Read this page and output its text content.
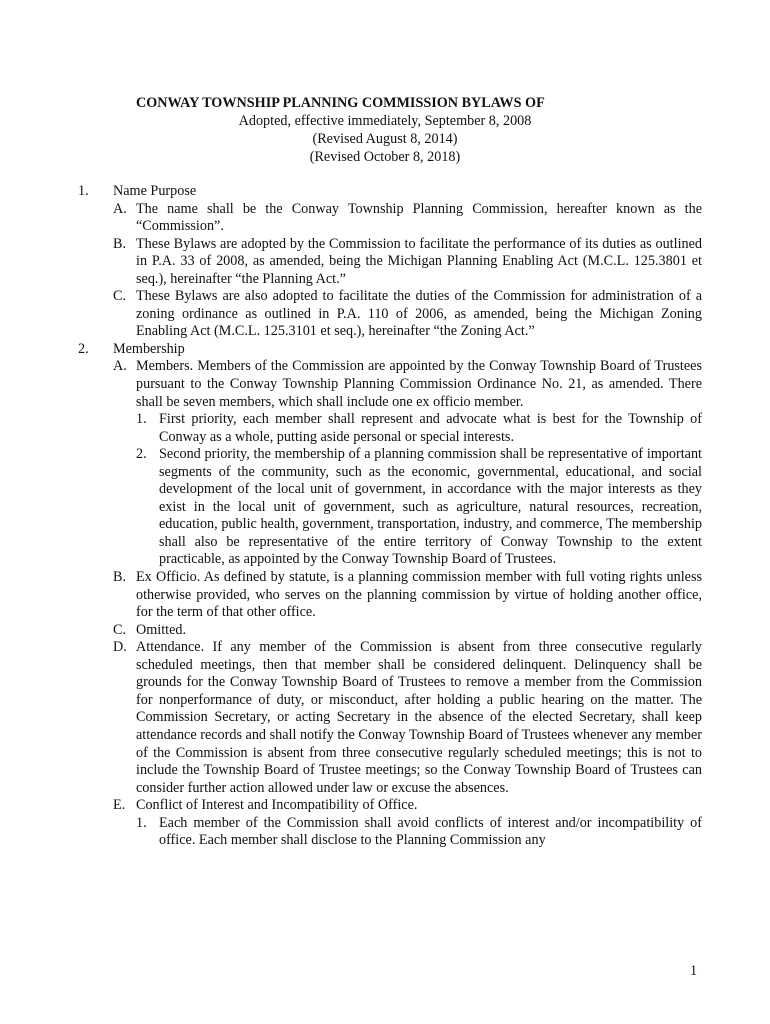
CONWAY TOWNSHIP PLANNING COMMISSION BYLAWS OF
Adopted, effective immediately, September 8, 2008
(Revised August 8, 2014)
(Revised October 8, 2018)
1.	Name Purpose
A. The name shall be the Conway Township Planning Commission, hereafter known as the “Commission”.
B. These Bylaws are adopted by the Commission to facilitate the performance of its duties as outlined in P.A. 33 of 2008, as amended, being the Michigan Planning Enabling Act (M.C.L. 125.3801 et seq.), hereinafter “the Planning Act.”
C. These Bylaws are also adopted to facilitate the duties of the Commission for administration of a zoning ordinance as outlined in P.A. 110 of 2006, as amended, being the Michigan Zoning Enabling Act (M.C.L. 125.3101 et seq.), hereinafter “the Zoning Act.”
2.	Membership
A. Members. Members of the Commission are appointed by the Conway Township Board of Trustees pursuant to the Conway Township Planning Commission Ordinance No. 21, as amended. There shall be seven members, which shall include one ex officio member.
1. First priority, each member shall represent and advocate what is best for the Township of Conway as a whole, putting aside personal or special interests.
2. Second priority, the membership of a planning commission shall be representative of important segments of the community, such as the economic, governmental, educational, and social development of the local unit of government, in accordance with the major interests as they exist in the local unit of government, such as agriculture, natural resources, recreation, education, public health, government, transportation, industry, and commerce, The membership shall also be representative of the entire territory of Conway Township to the extent practicable, as appointed by the Conway Township Board of Trustees.
B. Ex Officio. As defined by statute, is a planning commission member with full voting rights unless otherwise provided, who serves on the planning commission by virtue of holding another office, for the term of that other office.
C. Omitted.
D. Attendance. If any member of the Commission is absent from three consecutive regularly scheduled meetings, then that member shall be considered delinquent. Delinquency shall be grounds for the Conway Township Board of Trustees to remove a member from the Commission for nonperformance of duty, or misconduct, after holding a public hearing on the matter. The Commission Secretary, or acting Secretary in the absence of the elected Secretary, shall keep attendance records and shall notify the Conway Township Board of Trustees whenever any member of the Commission is absent from three consecutive regularly scheduled meetings; this is not to include the Township Board of Trustee meetings; so the Conway Township Board of Trustees can consider further action allowed under law or excuse the absences.
E. Conflict of Interest and Incompatibility of Office.
1. Each member of the Commission shall avoid conflicts of interest and/or incompatibility of office. Each member shall disclose to the Planning Commission any
1
